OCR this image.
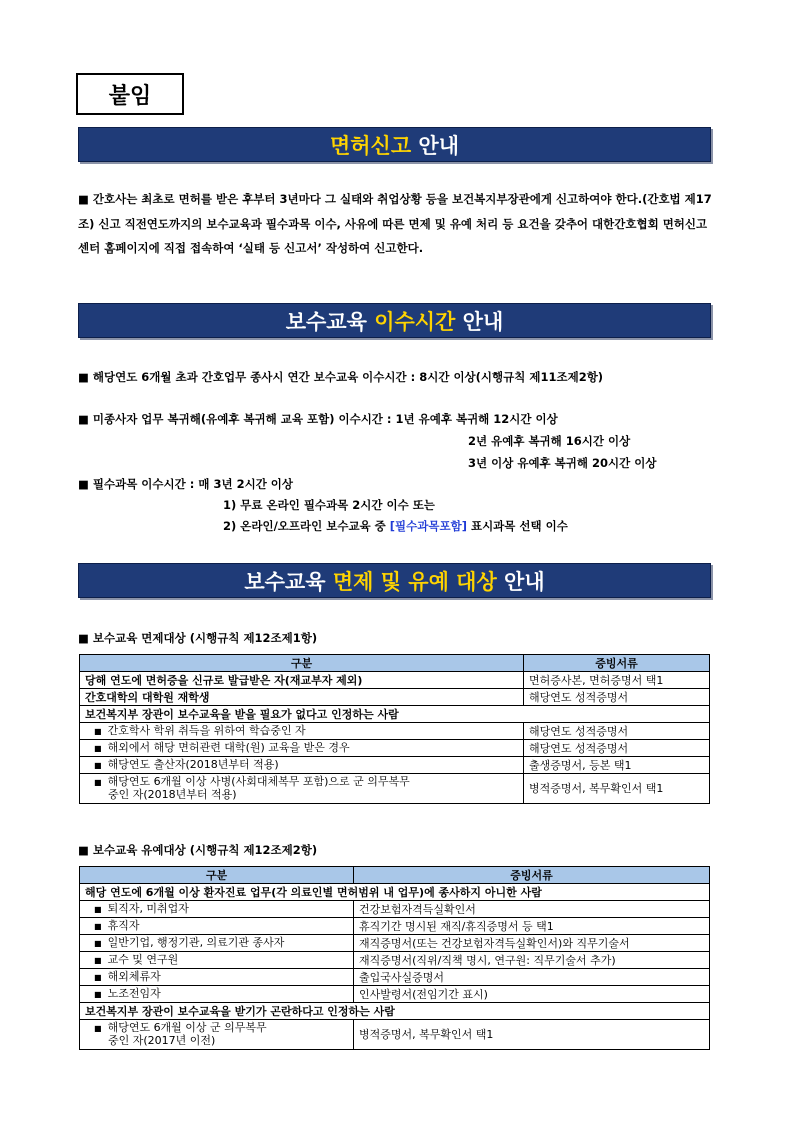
붙임
면허신고 안내
■ 간호사는 최초로 면허를 받은 후부터 3년마다 그 실태와 취업상황 등을 보건복지부장관에게 신고하여야 한다.(간호법 제17조) 신고 직전연도까지의 보수교육과 필수과목 이수, 사유에 따른 면제 및 유예 처리 등 요건을 갖추어 대한간호협회 면허신고센터 홈페이지에 직접 접속하여 ‘실태 등 신고서’ 작성하여 신고한다.
보수교육 이수시간 안내
■ 해당연도 6개월 초과 간호업무 종사시 연간 보수교육 이수시간 : 8시간 이상(시행규칙 제11조제2항)
■ 미종사자 업무 복귀해(유예후 복귀해 교육 포함) 이수시간 : 1년 유예후 복귀해 12시간 이상
2년 유예후 복귀해 16시간 이상
3년 이상 유예후 복귀해 20시간 이상
■ 필수과목 이수시간 : 매 3년 2시간 이상
1) 무료 온라인 필수과목 2시간 이수 또는
2) 온라인/오프라인 보수교육 중 [필수과목포함] 표시과목 선택 이수
보수교육 면제 및 유예 대상 안내
■ 보수교육 면제대상 (시행규칙 제12조제1항)
구분	증빙서류
당해 연도에 면허증을 신규로 발급받은 자(재교부자 제외)	면허증사본, 면허증명서 택1
간호대학의 대학원 재학생	해당연도 성적증명서
보건복지부 장관이 보수교육을 받을 필요가 없다고 인정하는 사람	
■ 간호학사 학위 취득을 위하여 학습중인 자	해당연도 성적증명서
■ 해외에서 해당 면허관련 대학(원) 교육을 받은 경우	해당연도 성적증명서
■ 해당연도 출산자(2018년부터 적용)	출생증명서, 등본 택1
■ 해당연도 6개월 이상 사병(사회대체복무 포함)으로 군 의무복무
중인 자(2018년부터 적용)	병적증명서, 복무확인서 택1
■ 보수교육 유예대상 (시행규칙 제12조제2항)
구분	증빙서류
해당 연도에 6개월 이상 환자진료 업무(각 의료인별 면허범위 내 업무)에 종사하지 아니한 사람	
■ 퇴직자, 미취업자	건강보험자격득실확인서
■ 휴직자	휴직기간 명시된 재직/휴직증명서 등 택1
■ 일반기업, 행정기관, 의료기관 종사자	재직증명서(또는 건강보험자격득실확인서)와 직무기술서
■ 교수 및 연구원	재직증명서(직위/직책 명시, 연구원: 직무기술서 추가)
■ 해외체류자	출입국사실증명서
■ 노조전임자	인사발령서(전임기간 표시)
보건복지부 장관이 보수교육을 받기가 곤란하다고 인정하는 사람	
■ 해당연도 6개월 이상 군 의무복무
중인 자(2017년 이전)	병적증명서, 복무확인서 택1
